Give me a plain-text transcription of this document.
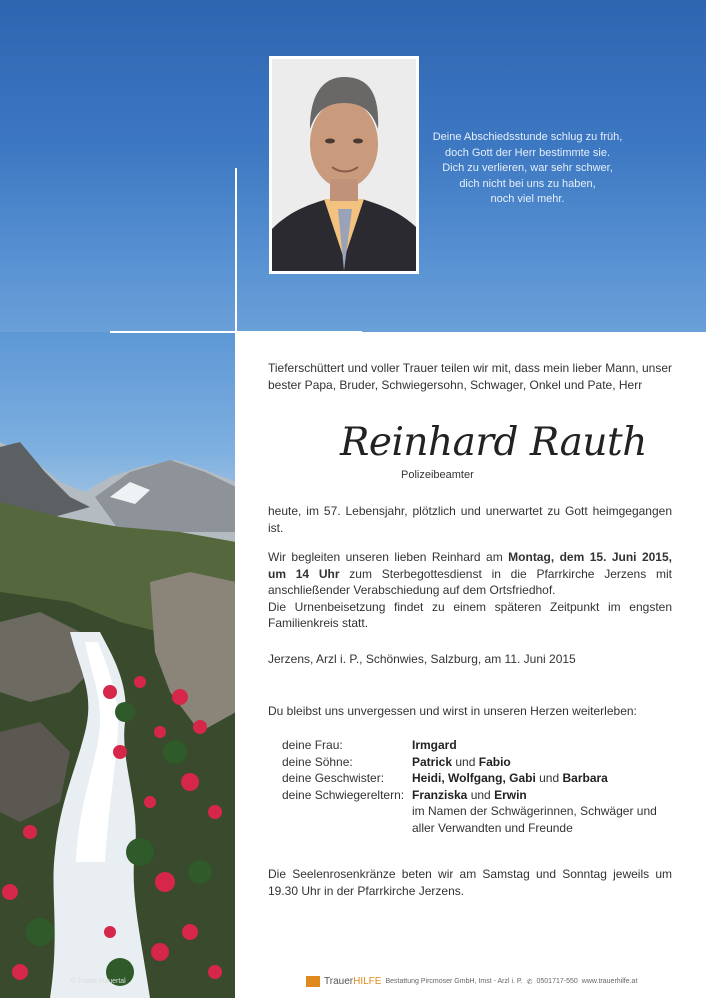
Deine Abschiedsstunde schlug zu früh,
doch Gott der Herr bestimmte sie.
Dich zu verlieren, war sehr schwer,
dich nicht bei uns zu haben,
noch viel mehr.

Tieferschüttert und voller Trauer teilen wir mit, dass mein lieber Mann, unser bester Papa, Bruder, Schwiegersohn, Schwager, Onkel und Pate, Herr

Reinhard Rauth
Polizeibeamter

heute, im 57. Lebensjahr, plötzlich und unerwartet zu Gott heimgegangen ist.

Wir begleiten unseren lieben Reinhard am Montag, dem 15. Juni 2015, um 14 Uhr zum Sterbegottesdienst in die Pfarrkirche Jerzens mit anschließender Verabschiedung auf dem Ortsfriedhof.

Die Urnenbeisetzung findet zu einem späteren Zeitpunkt im engsten Familienkreis statt.

Jerzens, Arzl i. P., Schönwies, Salzburg, am 11. Juni 2015

Du bleibst uns unvergessen und wirst in unseren Herzen weiterleben:

deine Frau:	Irmgard
deine Söhne:	Patrick und Fabio
deine Geschwister:	Heidi, Wolfgang, Gabi und Barbara
deine Schwiegereltern: Franziska und Erwin
im Namen der Schwägerinnen, Schwäger und
aller Verwandten und Freunde

Die Seelenrosenkränze beten wir am Samstag und Sonntag jeweils um 19.30 Uhr in der Pfarrkirche Jerzens.

© Tratter Hauertal	TrauerHILFE Bestattung Pircmoser GmbH, Imst - Arzl i. P. ✆ 0501717-550 www.trauerhilfe.at
